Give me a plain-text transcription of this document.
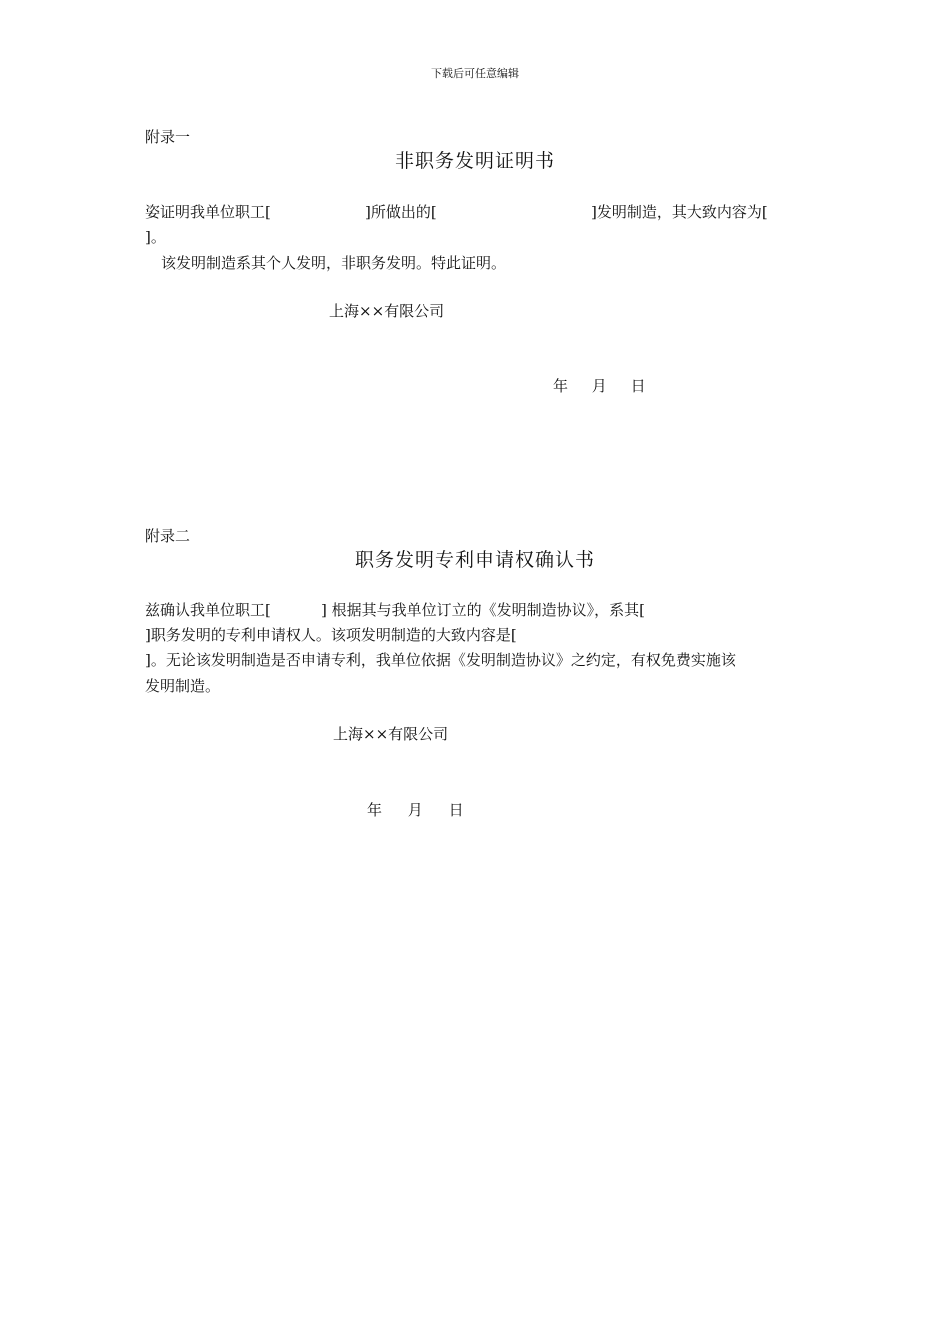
下载后可任意编辑
附录一
非职务发明证明书
姿证明我单位职工[	]所做出的[	]发明制造，其大致内容为[
]。
该发明制造系其个人发明，非职务发明。特此证明。
上海××有限公司
年 月 日
附录二
职务发明专利申请权确认书
兹确认我单位职工[	] 根据其与我单位订立的《发明制造协议》，系其[
]职务发明的专利申请权人。该项发明制造的大致内容是[
]。无论该发明制造是否申请专利，我单位依据《发明制造协议》之约定，有权免费实施该
发明制造。
上海××有限公司
年 月 日
